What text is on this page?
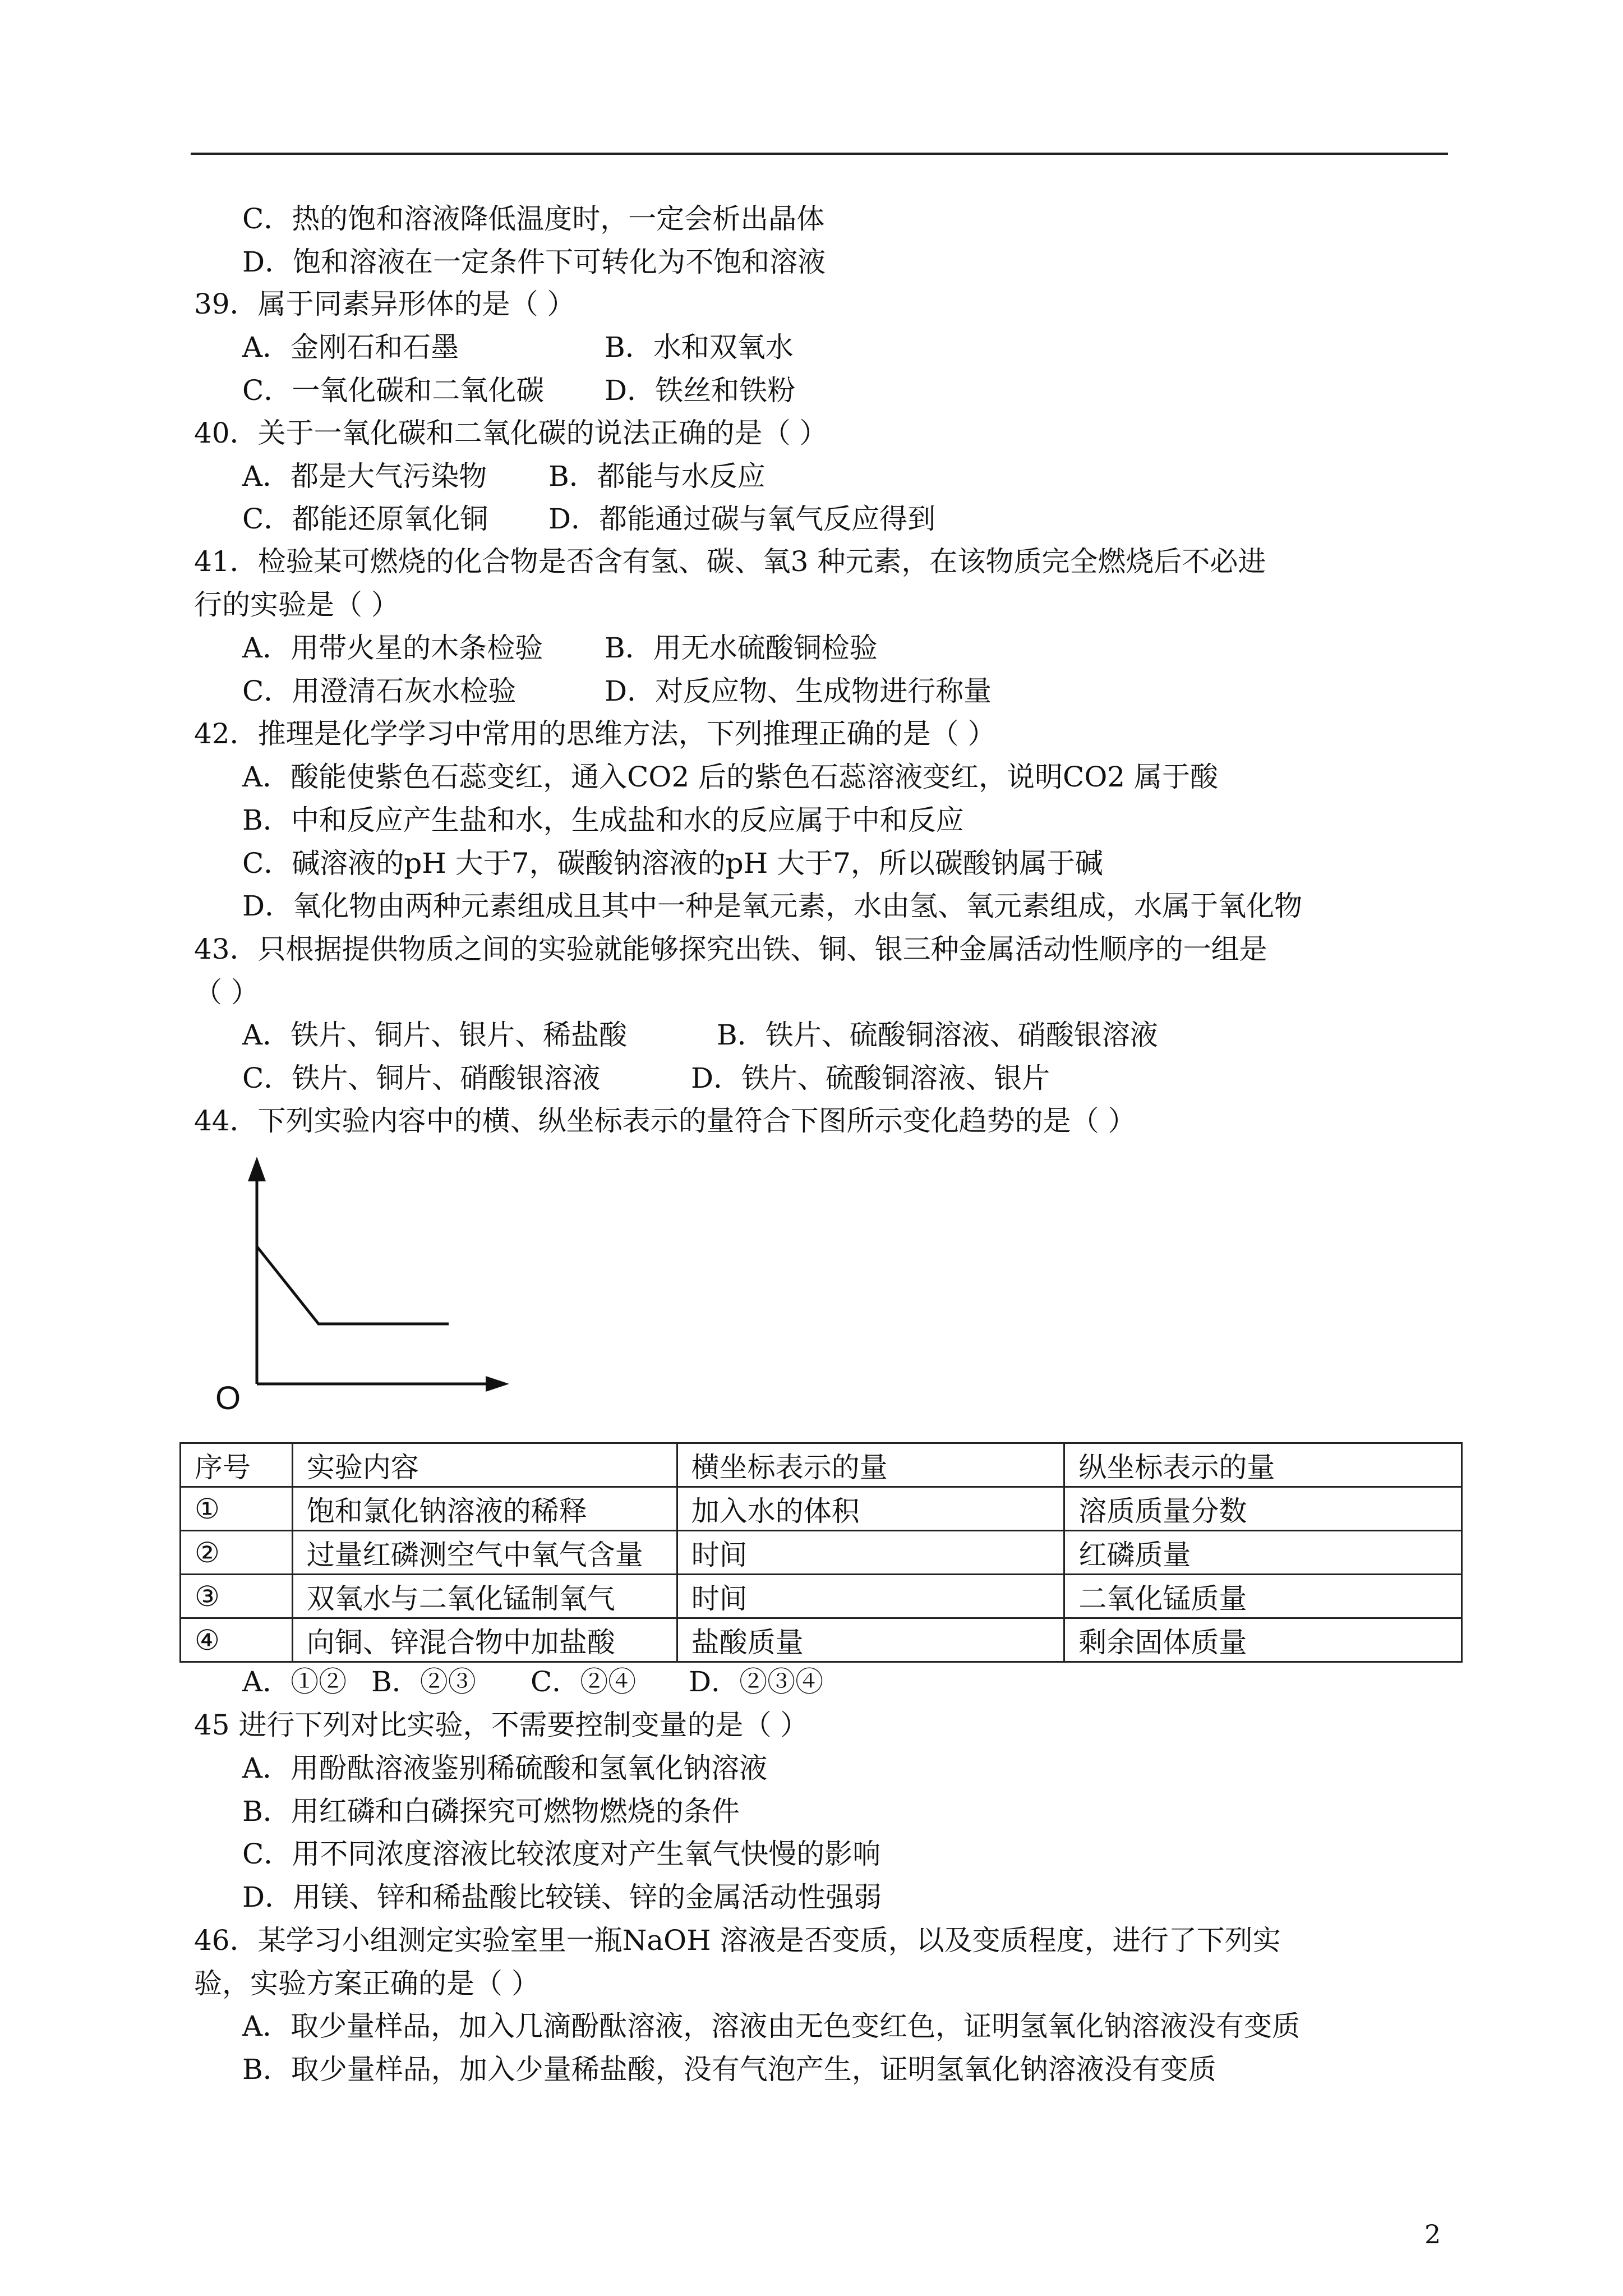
C．热的饱和溶液降低温度时，一定会析出晶体
D．饱和溶液在一定条件下可转化为不饱和溶液
39．属于同素异形体的是（ ）
A．金刚石和石墨	B．水和双氧水
C．一氧化碳和二氧化碳 D．铁丝和铁粉
40．关于一氧化碳和二氧化碳的说法正确的是（ ）
A．都是大气污染物 B．都能与水反应
C．都能还原氧化铜 D．都能通过碳与氧气反应得到
41．检验某可燃烧的化合物是否含有氢、碳、氧3 种元素，在该物质完全燃烧后不必进
行的实验是（ ）
A．用带火星的木条检验 B．用无水硫酸铜检验
C．用澄清石灰水检验	D．对反应物、生成物进行称量
42．推理是化学学习中常用的思维方法，下列推理正确的是（ ）
A．酸能使紫色石蕊变红，通入CO2 后的紫色石蕊溶液变红，说明CO2 属于酸
B．中和反应产生盐和水，生成盐和水的反应属于中和反应
C．碱溶液的pH 大于7，碳酸钠溶液的pH 大于7，所以碳酸钠属于碱
D．氧化物由两种元素组成且其中一种是氧元素，水由氢、氧元素组成，水属于氧化物
43．只根据提供物质之间的实验就能够探究出铁、铜、银三种金属活动性顺序的一组是
（ ）
A．铁片、铜片、银片、稀盐酸	B．铁片、硫酸铜溶液、硝酸银溶液
C．铁片、铜片、硝酸银溶液	D．铁片、硫酸铜溶液、银片
44．下列实验内容中的横、纵坐标表示的量符合下图所示变化趋势的是（ ）
O
序号	实验内容	横坐标表示的量	纵坐标表示的量
①	饱和氯化钠溶液的稀释	加入水的体积	溶质质量分数
②	过量红磷测空气中氧气含量	时间	红磷质量
③	双氧水与二氧化锰制氧气	时间	二氧化锰质量
④	向铜、锌混合物中加盐酸	盐酸质量	剩余固体质量
A．①② B．②③ C．②④ D．②③④
45 进行下列对比实验，不需要控制变量的是（ ）
A．用酚酞溶液鉴别稀硫酸和氢氧化钠溶液
B．用红磷和白磷探究可燃物燃烧的条件
C．用不同浓度溶液比较浓度对产生氧气快慢的影响
D．用镁、锌和稀盐酸比较镁、锌的金属活动性强弱
46．某学习小组测定实验室里一瓶NaOH 溶液是否变质，以及变质程度，进行了下列实
验，实验方案正确的是（ ）
A．取少量样品，加入几滴酚酞溶液，溶液由无色变红色，证明氢氧化钠溶液没有变质
B．取少量样品，加入少量稀盐酸，没有气泡产生，证明氢氧化钠溶液没有变质
2
